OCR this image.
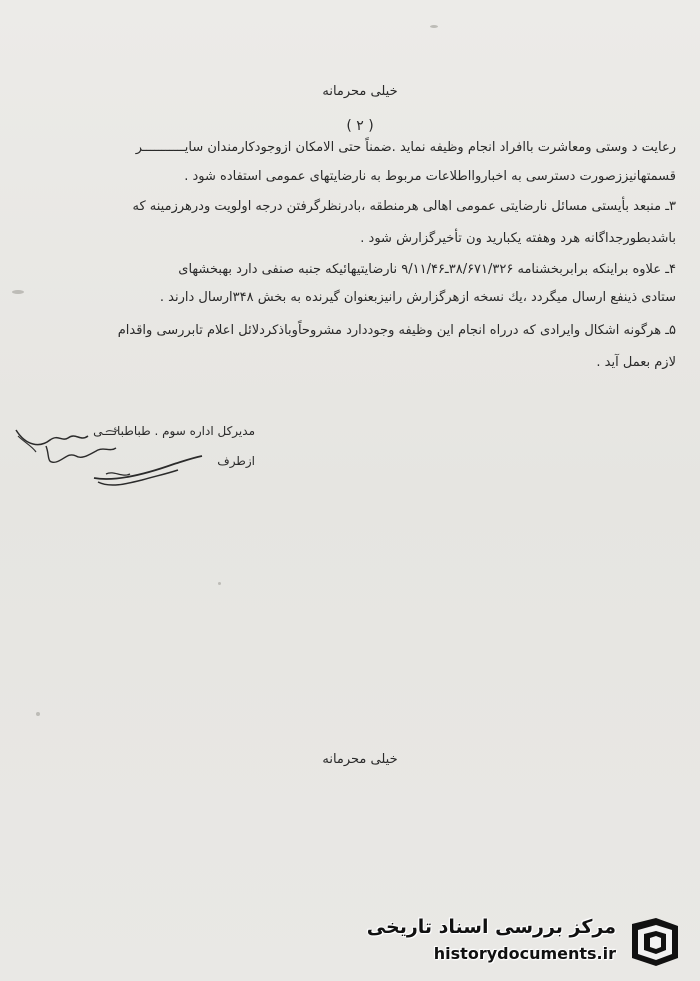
خیلی محرمانه
( ۲ )
رعایت د وستی ومعاشرت باافراد انجام وظیفه نماید .ضمناً حتی الامکان ازوجودکارمندان سایـــــــــــر
قسمتهانیززصورت دسترسی به اخباروااطلاعات مربوط به نارضایتهای عمومی استفاده شود .
۳ـ منبعد بأیستی مسائل نارضایتی عمومی اهالی هرمنطقه ،بادرنظرگرفتن درجه اولویت ودرهرزمینه که
باشدبطورجداگانه هرد وهفته یکبارید ون تأخیرگزارش شود .
۴ـ علاوه براینکه برابربخشنامه ۳۸/۶۷۱/۳۲۶ـ۹/۱۱/۴۶ نارضایتیهائیکه جنبه صنفی دارد بهبخشهای
ستادی ذینفع ارسال میگردد ،یك نسخه ازهرگزارش رانیزبعنوان گیرنده به بخش ۳۴۸ارسال دارند .
۵ـ هرگونه اشکال وایرادی که درراه انجام این وظیفه وجوددارد مشروحاًوباذکردلائل اعلام تابررسی واقدام
لازم بعمل آید .
مدیرکل اداره سوم . طباطبائـــی
ازطرف
خیلی محرمانه
مرکز بررسی اسناد تاریخی
historydocuments.ir
